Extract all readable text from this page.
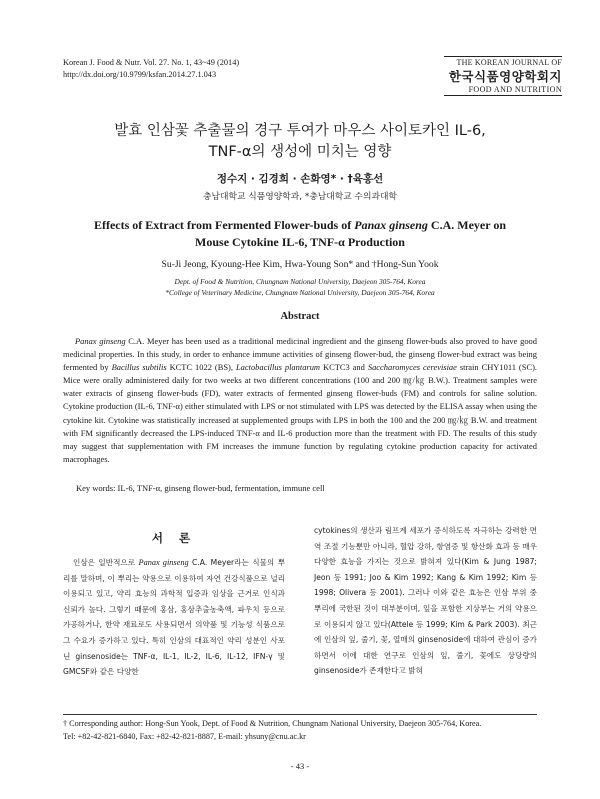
Korean J. Food & Nutr. Vol. 27. No. 1, 43~49 (2014)
http://dx.doi.org/10.9799/ksfan.2014.27.1.043
THE KOREAN JOURNAL OF
한국식품영양학회지
FOOD AND NUTRITION
발효 인삼꽃 추출물의 경구 투여가 마우스 사이토카인 IL-6,
TNF-α의 생성에 미치는 영향
정수지 · 김경희 · 손화영* · †육홍선
충남대학교 식품영양학과, *충남대학교 수의과대학
Effects of Extract from Fermented Flower-buds of Panax ginseng C.A. Meyer on
Mouse Cytokine IL-6, TNF-α Production
Su-Ji Jeong, Kyoung-Hee Kim, Hwa-Young Son* and †Hong-Sun Yook
Dept. of Food & Nutrition, Chungnam National University, Daejeon 305-764, Korea
*College of Veterinary Medicine, Chungnam National University, Daejeon 305-764, Korea
Abstract

Panax ginseng C.A. Meyer has been used as a traditional medicinal ingredient and the ginseng flower-buds also proved to have good medicinal properties. In this study, in order to enhance immune activities of ginseng flower-bud, the ginseng flower-bud extract was being fermented by Bacillus subtilis KCTC 1022 (BS), Lactobacillus plantarum KCTC3 and Saccharomyces cerevisiae strain CHY1011 (SC). Mice were orally administered daily for two weeks at two different concentrations (100 and 200 ㎎/㎏ B.W.). Treatment samples were water extracts of ginseng flower-buds (FD), water extracts of fermented ginseng flower-buds (FM) and controls for saline solution. Cytokine production (IL-6, TNF-α) either stimulated with LPS or not stimulated with LPS was detected by the ELISA assay when using the cytokine kit. Cytokine was statistically increased at supplemented groups with LPS in both the 100 and the 200 ㎎/㎏ B.W. and treatment with FM significantly decreased the LPS-induced TNF-α and IL-6 production more than the treatment with FD. The results of this study may suggest that supplementation with FM increases the immune function by regulating cytokine production capacity for activated macrophages.

Key words: IL-6, TNF-α, ginseng flower-bud, fermentation, immune cell
서 론

인삼은 일반적으로 Panax ginseng C.A. Meyer라는 식물의 뿌리를 말하며, 이 뿌리는 약용으로 이용하여 자연 건강식품으로 널리 이용되고 있고, 약리 효능의 과학적 입증과 임상을 근거로 인식과 신뢰가 높다. 그렇기 때문에 홍삼, 홍삼추출농축액, 파우치 등으로 가공하거나, 한약 재료로도 사용되면서 의약품 및 기능성 식품으로 그 수요가 증가하고 있다. 특히 인삼의 대표적인 약리 성분인 사포닌 ginsenoside는 TNF-α, IL-1, IL-2, IL-6, IL-12, IFN-γ 및 GMCSF와 같은 다양한

cytokines의 생산과 림프계 세포가 증식하도록 자극하는 강력한 면역 조절 기능뿐만 아니라, 혈압 강하, 항염증 및 항산화 효과 등 매우 다양한 효능을 가지는 것으로 밝혀져 있다(Kim & Jung 1987; Jeon 등 1991; Joo & Kim 1992; Kang & Kim 1992; Kim 등 1998; Olivera 등 2001). 그러나 이와 같은 효능은 인삼 부위 중 뿌리에 국한된 것이 대부분이며, 잎을 포함한 지상부는 거의 약용으로 이용되지 않고 있다(Attele 등 1999; Kim & Park 2003). 최근에 인삼의 잎, 줄기, 꽃, 열매의 ginsenoside에 대하여 관심이 증가하면서 이에 대한 연구로 인삼의 잎, 줄기, 꽃에도 상당량의 ginsenoside가 존재한다고 밝혀

† Corresponding author: Hong-Sun Yook, Dept. of Food & Nutrition, Chungnam National University, Daejeon 305-764, Korea.
Tel: +82-42-821-6840, Fax: +82-42-821-8887, E-mail: yhsuny@cnu.ac.kr
- 43 -
